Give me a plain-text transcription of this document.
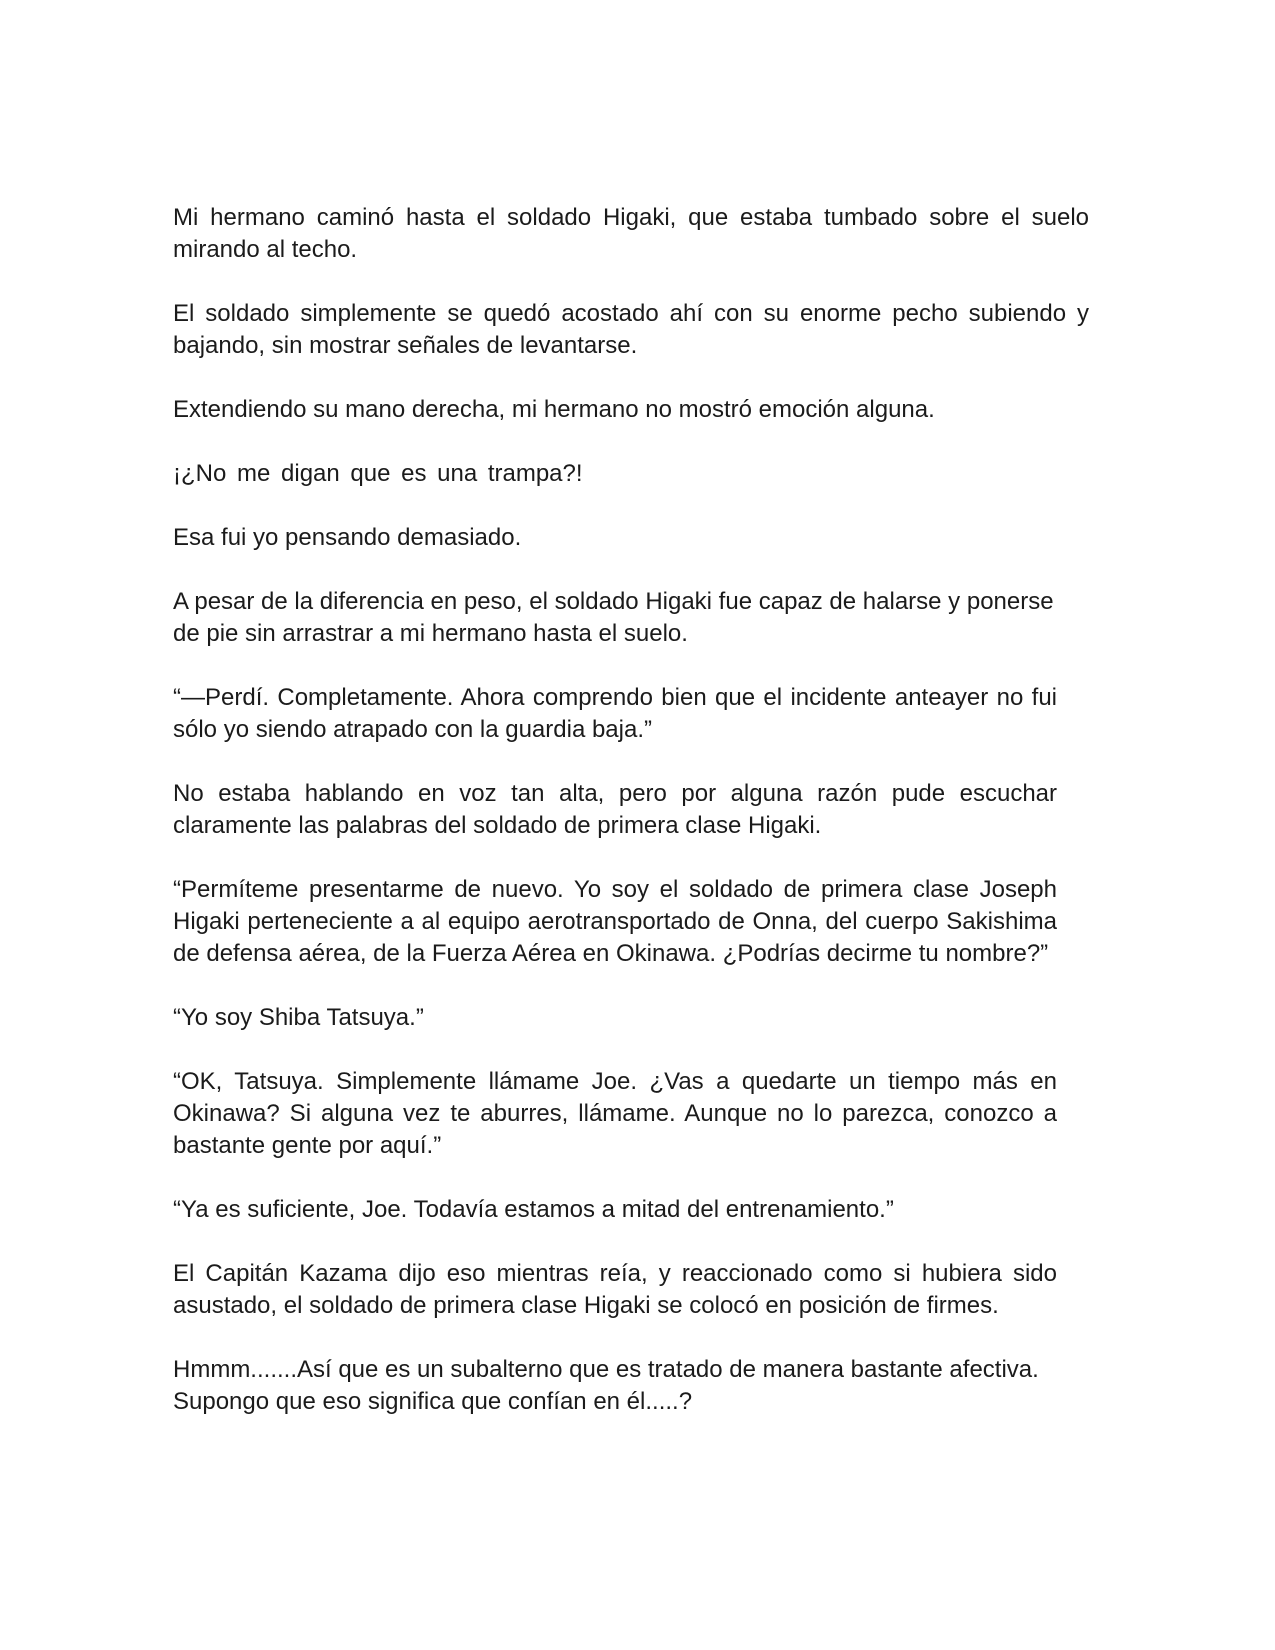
Mi hermano caminó hasta el soldado Higaki, que estaba tumbado sobre el suelo
mirando al techo.
El soldado simplemente se quedó acostado ahí con su enorme pecho subiendo y
bajando, sin mostrar señales de levantarse.
Extendiendo su mano derecha, mi hermano no mostró emoción alguna.
¡¿No me digan que es una trampa?!
Esa fui yo pensando demasiado.
A pesar de la diferencia en peso, el soldado Higaki fue capaz de halarse y ponerse
de pie sin arrastrar a mi hermano hasta el suelo.
“—Perdí. Completamente. Ahora comprendo bien que el incidente anteayer no fui
sólo yo siendo atrapado con la guardia baja.”
No estaba hablando en voz tan alta, pero por alguna razón pude escuchar
claramente las palabras del soldado de primera clase Higaki.
“Permíteme presentarme de nuevo. Yo soy el soldado de primera clase Joseph
Higaki perteneciente a al equipo aerotransportado de Onna, del cuerpo Sakishima
de defensa aérea, de la Fuerza Aérea en Okinawa. ¿Podrías decirme tu nombre?”
“Yo soy Shiba Tatsuya.”
“OK, Tatsuya. Simplemente llámame Joe. ¿Vas a quedarte un tiempo más en
Okinawa? Si alguna vez te aburres, llámame. Aunque no lo parezca, conozco a
bastante gente por aquí.”
“Ya es suficiente, Joe. Todavía estamos a mitad del entrenamiento.”
El Capitán Kazama dijo eso mientras reía, y reaccionado como si hubiera sido
asustado, el soldado de primera clase Higaki se colocó en posición de firmes.
Hmmm.......Así que es un subalterno que es tratado de manera bastante afectiva.
Supongo que eso significa que confían en él.....?
